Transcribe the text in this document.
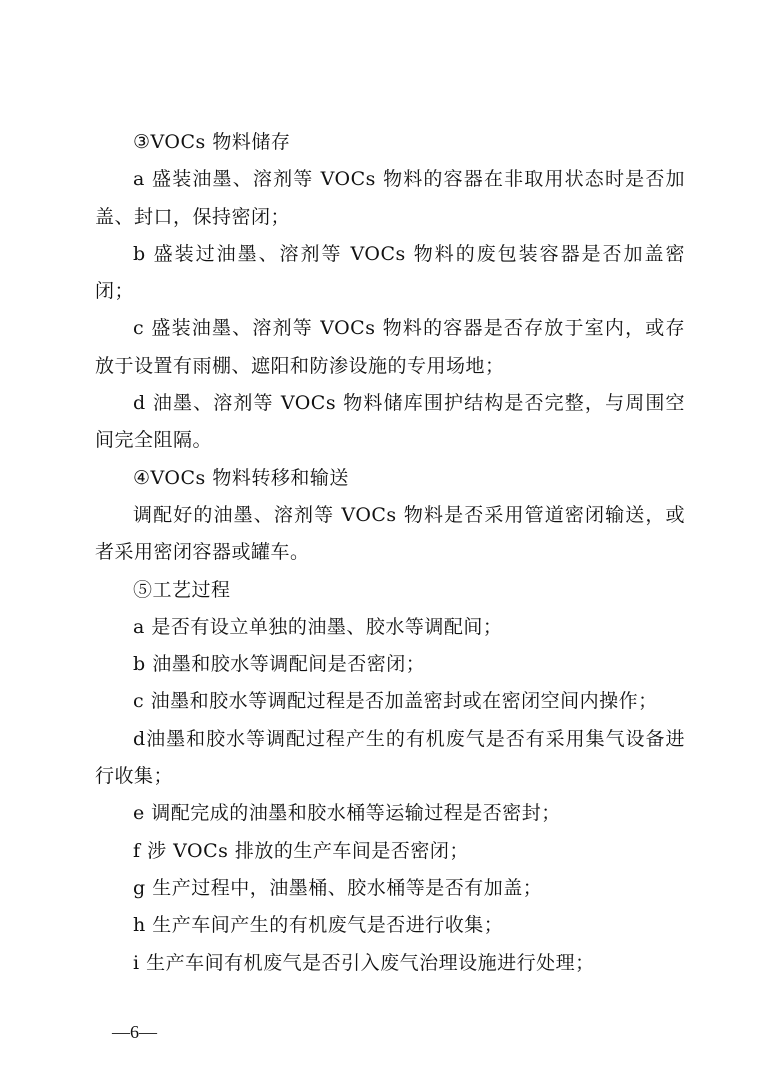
③VOCs 物料储存

a 盛装油墨、溶剂等 VOCs 物料的容器在非取用状态时是否加盖、封口，保持密闭；

b 盛装过油墨、溶剂等 VOCs 物料的废包装容器是否加盖密闭；

c 盛装油墨、溶剂等 VOCs 物料的容器是否存放于室内，或存放于设置有雨棚、遮阳和防渗设施的专用场地；

d 油墨、溶剂等 VOCs 物料储库围护结构是否完整，与周围空间完全阻隔。

④VOCs 物料转移和输送

调配好的油墨、溶剂等 VOCs 物料是否采用管道密闭输送，或者采用密闭容器或罐车。

⑤工艺过程

a 是否有设立单独的油墨、胶水等调配间；

b 油墨和胶水等调配间是否密闭；

c 油墨和胶水等调配过程是否加盖密封或在密闭空间内操作；

d油墨和胶水等调配过程产生的有机废气是否有采用集气设备进行收集；

e 调配完成的油墨和胶水桶等运输过程是否密封；

f 涉 VOCs 排放的生产车间是否密闭；

g 生产过程中，油墨桶、胶水桶等是否有加盖；

h 生产车间产生的有机废气是否进行收集；

i 生产车间有机废气是否引入废气治理设施进行处理；

—6—
